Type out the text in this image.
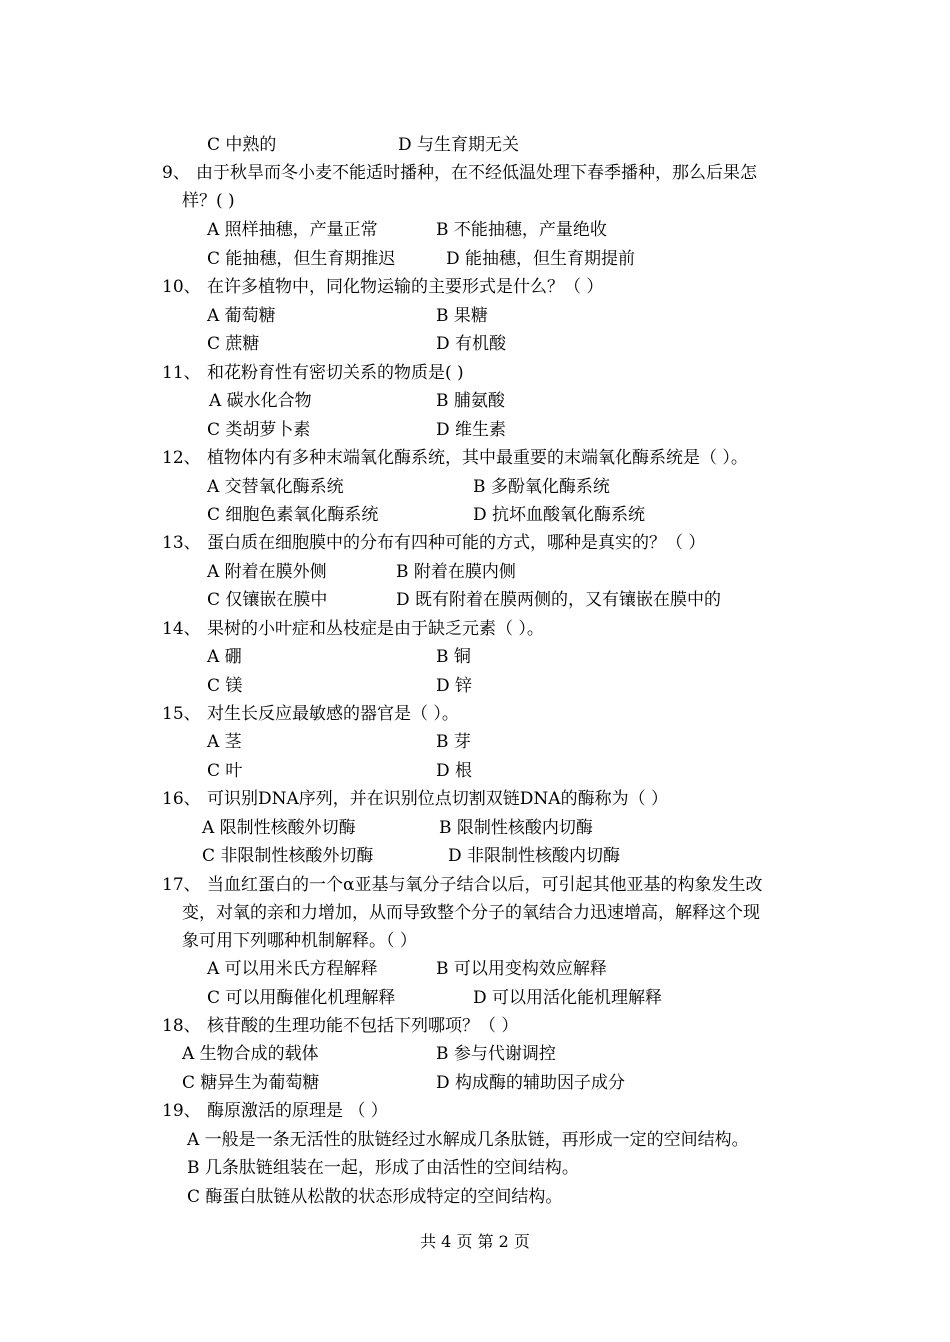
C 中熟的	D 与生育期无关
9、 由于秋旱而冬小麦不能适时播种，在不经低温处理下春季播种，那么后果怎
样？( )
A 照样抽穗，产量正常	B 不能抽穗，产量绝收
C 能抽穗，但生育期推迟	D 能抽穗，但生育期提前
10、 在许多植物中，同化物运输的主要形式是什么？（ ）
A 葡萄糖	B 果糖
C 蔗糖	D 有机酸
11、 和花粉育性有密切关系的物质是( )
A 碳水化合物	B 脯氨酸
C 类胡萝卜素	D 维生素
12、 植物体内有多种末端氧化酶系统，其中最重要的末端氧化酶系统是（ ）。
A 交替氧化酶系统	B 多酚氧化酶系统
C 细胞色素氧化酶系统	D 抗坏血酸氧化酶系统
13、 蛋白质在细胞膜中的分布有四种可能的方式，哪种是真实的？（ ）
A 附着在膜外侧	B 附着在膜内侧
C 仅镶嵌在膜中	D 既有附着在膜两侧的，又有镶嵌在膜中的
14、 果树的小叶症和丛枝症是由于缺乏元素（ ）。
A 硼	B 铜
C 镁	D 锌
15、 对生长反应最敏感的器官是（ ）。
A 茎	B 芽
C 叶	D 根
16、 可识别DNA序列，并在识别位点切割双链DNA的酶称为（ ）
A 限制性核酸外切酶	B 限制性核酸内切酶
C 非限制性核酸外切酶	D 非限制性核酸内切酶
17、 当血红蛋白的一个α亚基与氧分子结合以后，可引起其他亚基的构象发生改
变，对氧的亲和力增加，从而导致整个分子的氧结合力迅速增高，解释这个现
象可用下列哪种机制解释。（ ）
A 可以用米氏方程解释	B 可以用变构效应解释
C 可以用酶催化机理解释	D 可以用活化能机理解释
18、 核苷酸的生理功能不包括下列哪项？（ ）
A 生物合成的载体	B 参与代谢调控
C 糖异生为葡萄糖	D 构成酶的辅助因子成分
19、 酶原激活的原理是 （ ）
A 一般是一条无活性的肽链经过水解成几条肽链，再形成一定的空间结构。
B 几条肽链组装在一起，形成了由活性的空间结构。
C 酶蛋白肽链从松散的状态形成特定的空间结构。
共 4 页 第 2 页
